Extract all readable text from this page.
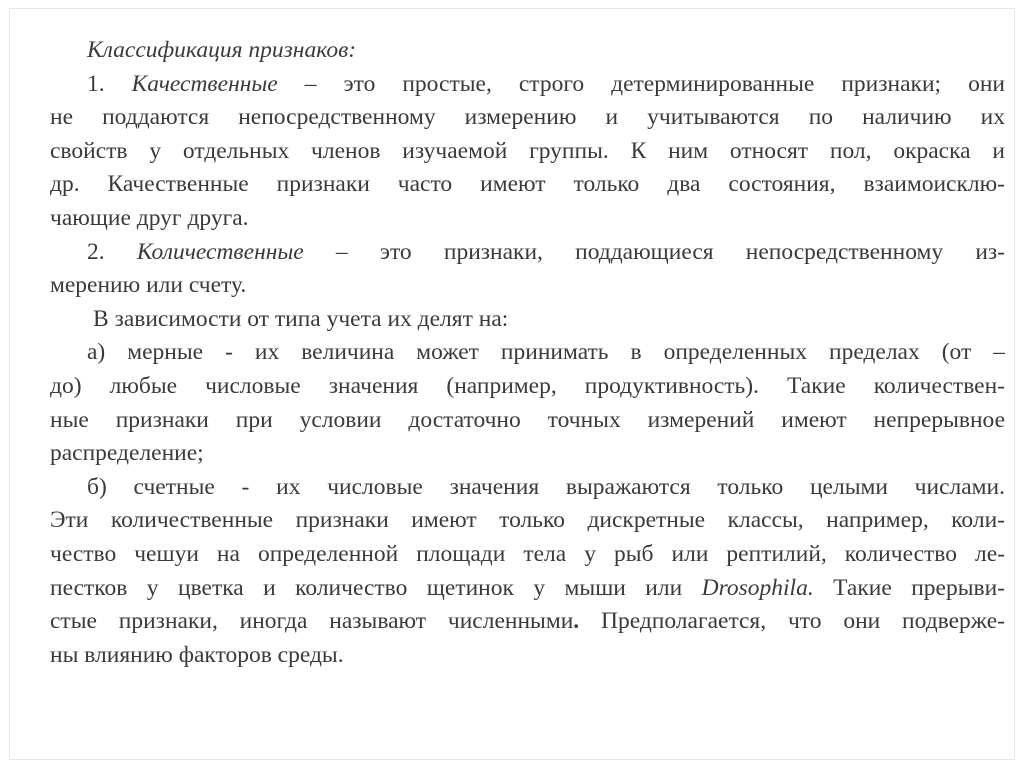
Классификация признаков:
1. Качественные – это простые, строго детерминированные признаки; они
не поддаются непосредственному измерению и учитываются по наличию их
свойств у отдельных членов изучаемой группы. К ним относят пол, окраска и
др. Качественные признаки часто имеют только два состояния, взаимоисклю-
чающие друг друга.
2. Количественные – это признаки, поддающиеся непосредственному из-
мерению или счету.
В зависимости от типа учета их делят на:
а) мерные - их величина может принимать в определенных пределах (от –
до) любые числовые значения (например, продуктивность). Такие количествен-
ные признаки при условии достаточно точных измерений имеют непрерывное
распределение;
б) счетные - их числовые значения выражаются только целыми числами.
Эти количественные признаки имеют только дискретные классы, например, коли-
чество чешуи на определенной площади тела у рыб или рептилий, количество ле-
пестков у цветка и количество щетинок у мыши или Drosophila. Такие прерыви-
стые признаки, иногда называют численными. Предполагается, что они подверже-
ны влиянию факторов среды.
